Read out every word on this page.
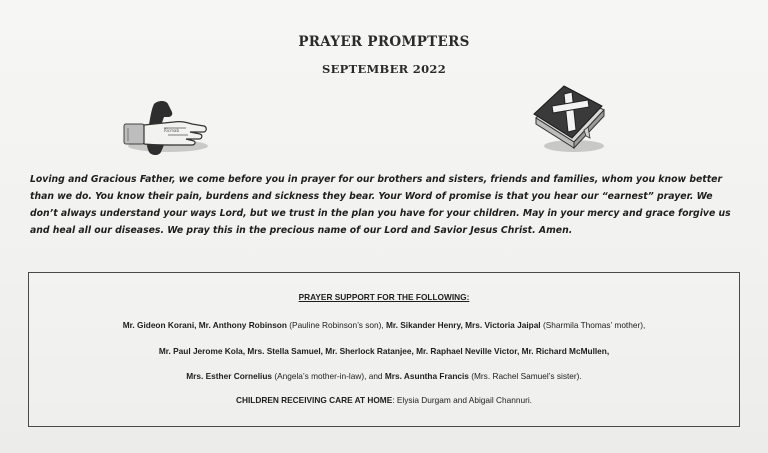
PRAYER PROMPTERS
SEPTEMBER 2022
Ricmab
Loving and Gracious Father, we come before you in prayer for our brothers and sisters, friends and families, whom you know better than we do. You know their pain, burdens and sickness they bear. Your Word of promise is that you hear our “earnest” prayer. We don’t always understand your ways Lord, but we trust in the plan you have for your children. May in your mercy and grace forgive us and heal all our diseases. We pray this in the precious name of our Lord and Savior Jesus Christ. Amen.
PRAYER SUPPORT FOR THE FOLLOWING:
Mr. Gideon Korani, Mr. Anthony Robinson (Pauline Robinson’s son), Mr. Sikander Henry, Mrs. Victoria Jaipal (Sharmila Thomas’ mother),
Mr. Paul Jerome Kola, Mrs. Stella Samuel, Mr. Sherlock Ratanjee, Mr. Raphael Neville Victor, Mr. Richard McMullen,
Mrs. Esther Cornelius (Angela’s mother-in-law), and Mrs. Asuntha Francis (Mrs. Rachel Samuel’s sister).
CHILDREN RECEIVING CARE AT HOME: Elysia Durgam and Abigail Channuri.
